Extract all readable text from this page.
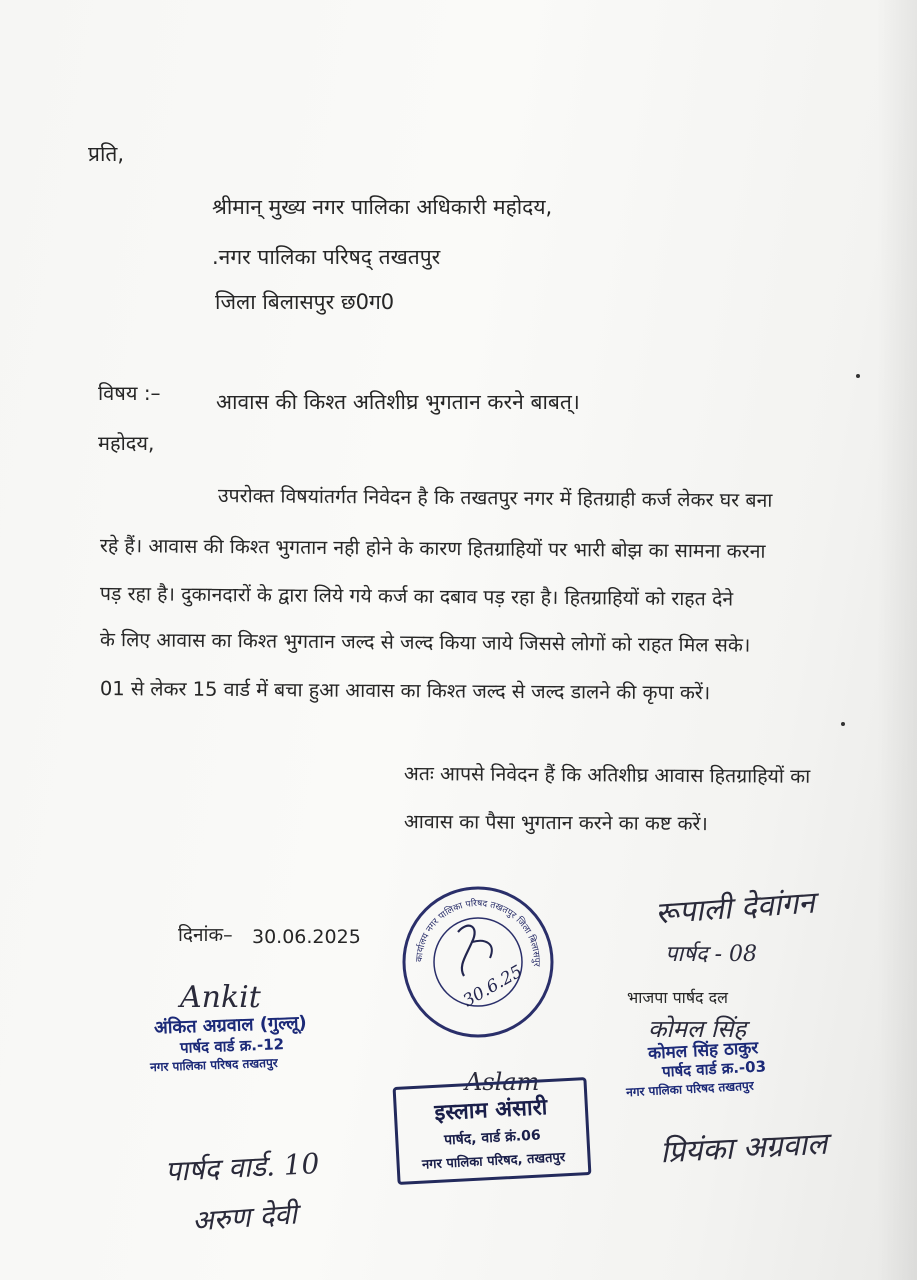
प्रति,
श्रीमान् मुख्य नगर पालिका अधिकारी महोदय,
.नगर पालिका परिषद् तखतपुर
जिला बिलासपुर छ0ग0
विषय :–	आवास की किश्त अतिशीघ्र भुगतान करने बाबत्।
महोदय,
उपरोक्त विषयांतर्गत निवेदन है कि तखतपुर नगर में हितग्राही कर्ज लेकर घर बना
रहे हैं। आवास की किश्त भुगतान नही होने के कारण हितग्राहियों पर भारी बोझ का सामना करना
पड़ रहा है। दुकानदारों के द्वारा लिये गये कर्ज का दबाव पड़ रहा है। हितग्राहियों को राहत देने
के लिए आवास का किश्त भुगतान जल्द से जल्द किया जाये जिससे लोगों को राहत मिल सके।
01 से लेकर 15 वार्ड में बचा हुआ आवास का किश्त जल्द से जल्द डालने की कृपा करें।
अतः आपसे निवेदन हैं कि अतिशीघ्र आवास हितग्राहियों का
आवास का पैसा भुगतान करने का कष्ट करें।
दिनांक– 30.06.2025
Ankit
अंकित अग्रवाल (गुल्लू)
पार्षद वार्ड क्र.-12
नगर पालिका परिषद तखतपुर
कार्यालय नगर पालिका परिषद तखतपुर जिला बिलासपुर
30.6.25
Aslam
इस्लाम अंसारी
पार्षद, वार्ड क्रं.06
नगर पालिका परिषद, तखतपुर
रूपाली देवांगन
पार्षद - 08
भाजपा पार्षद दल
कोमल सिंह
कोमल सिंह ठाकुर
पार्षद वार्ड क्र.-03
नगर पालिका परिषद तखतपुर
पार्षद वार्ड. 10
अरुण देवी
प्रियंका अग्रवाल
